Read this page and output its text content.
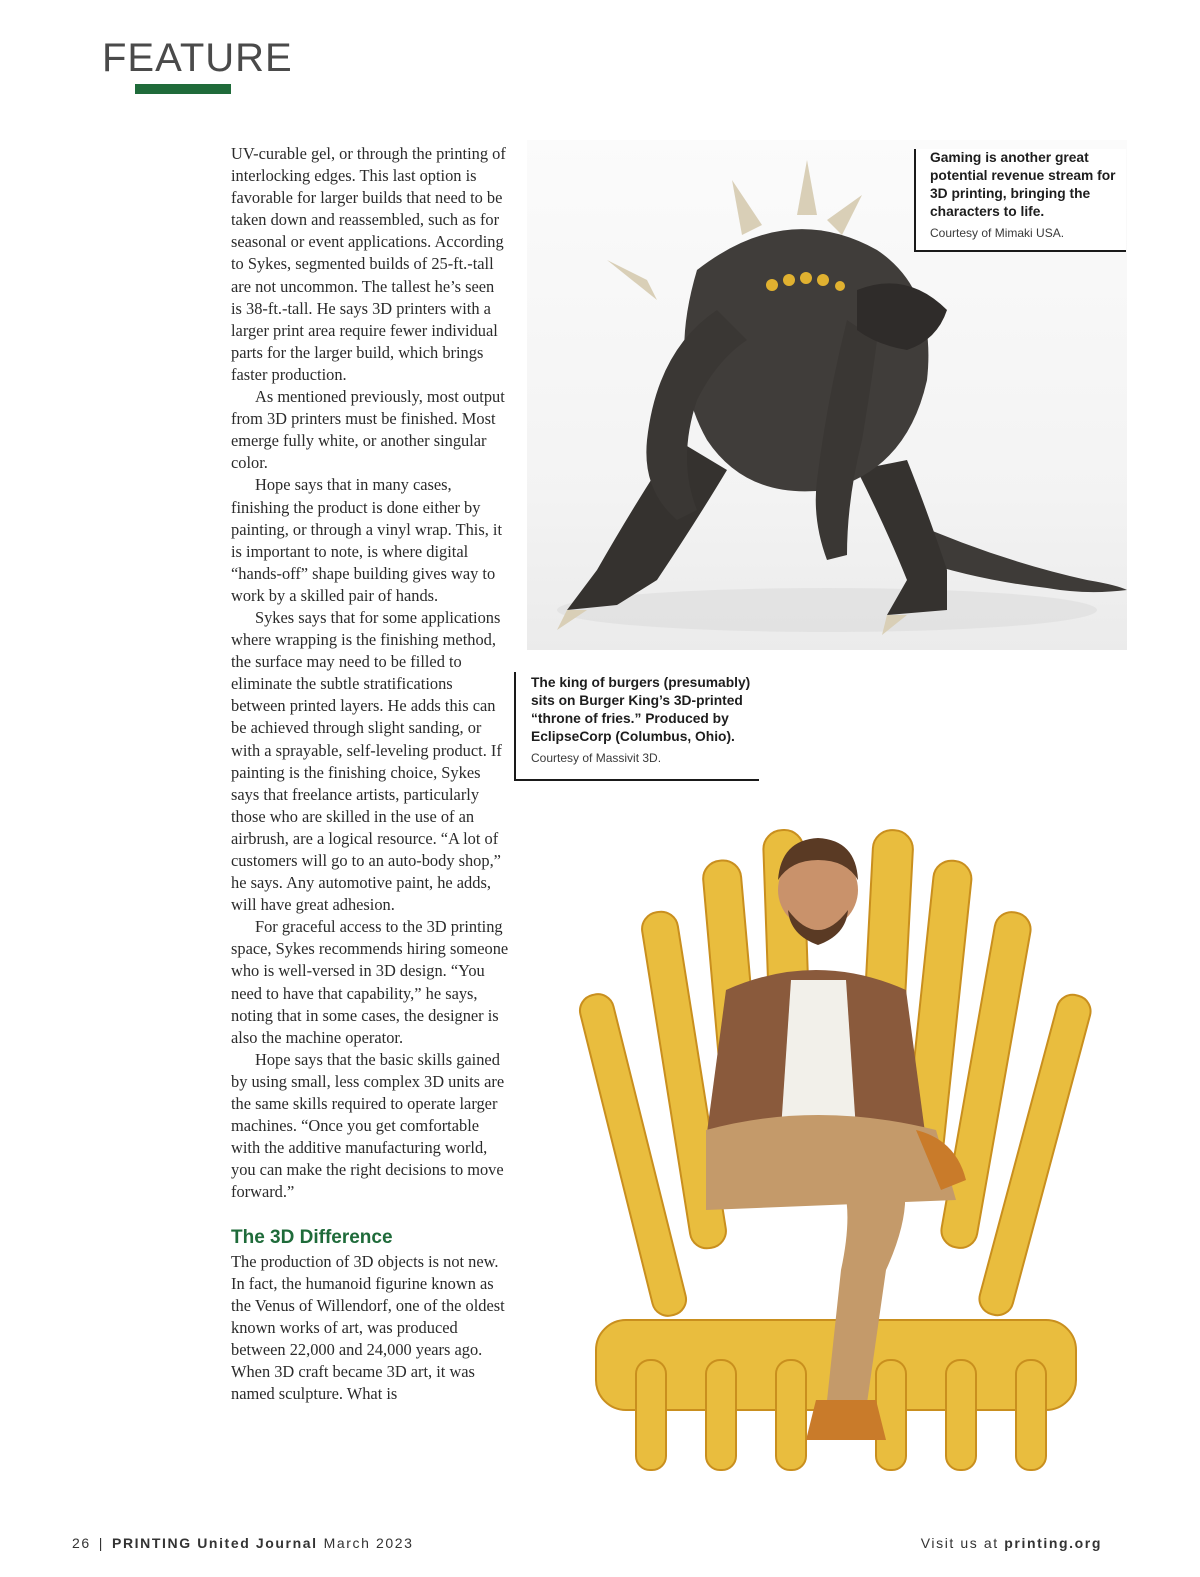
FEATURE

UV-curable gel, or through the printing of interlocking edges. This last option is favorable for larger builds that need to be taken down and reassembled, such as for seasonal or event applications. According to Sykes, segmented builds of 25-ft.-tall are not uncommon. The tallest he’s seen is 38-ft.-tall. He says 3D printers with a larger print area require fewer individual parts for the larger build, which brings faster production.

As mentioned previously, most output from 3D printers must be finished. Most emerge fully white, or another singular color.

Hope says that in many cases, finishing the product is done either by painting, or through a vinyl wrap. This, it is important to note, is where digital “hands-off” shape building gives way to work by a skilled pair of hands.

Sykes says that for some applications where wrapping is the finishing method, the surface may need to be filled to eliminate the subtle stratifications between printed layers. He adds this can be achieved through slight sanding, or with a sprayable, self-leveling product. If painting is the finishing choice, Sykes says that freelance artists, particularly those who are skilled in the use of an airbrush, are a logical resource. “A lot of customers will go to an auto-body shop,” he says. Any automotive paint, he adds, will have great adhesion.

For graceful access to the 3D printing space, Sykes recommends hiring someone who is well-versed in 3D design. “You need to have that capability,” he says, noting that in some cases, the designer is also the machine operator.

Hope says that the basic skills gained by using small, less complex 3D units are the same skills required to operate larger machines. “Once you get comfortable with the additive manufacturing world, you can make the right decisions to move forward.”

The 3D Difference

The production of 3D objects is not new. In fact, the humanoid figurine known as the Venus of Willendorf, one of the oldest known works of art, was produced between 22,000 and 24,000 years ago. When 3D craft became 3D art, it was named sculpture. What is

Gaming is another great potential revenue stream for 3D printing, bringing the characters to life.
Courtesy of Mimaki USA.
The king of burgers (presumably) sits on Burger King’s 3D-printed “throne of fries.” Produced by EclipseCorp (Columbus, Ohio).
Courtesy of Massivit 3D.
26 | PRINTING United Journal March 2023	Visit us at printing.org
